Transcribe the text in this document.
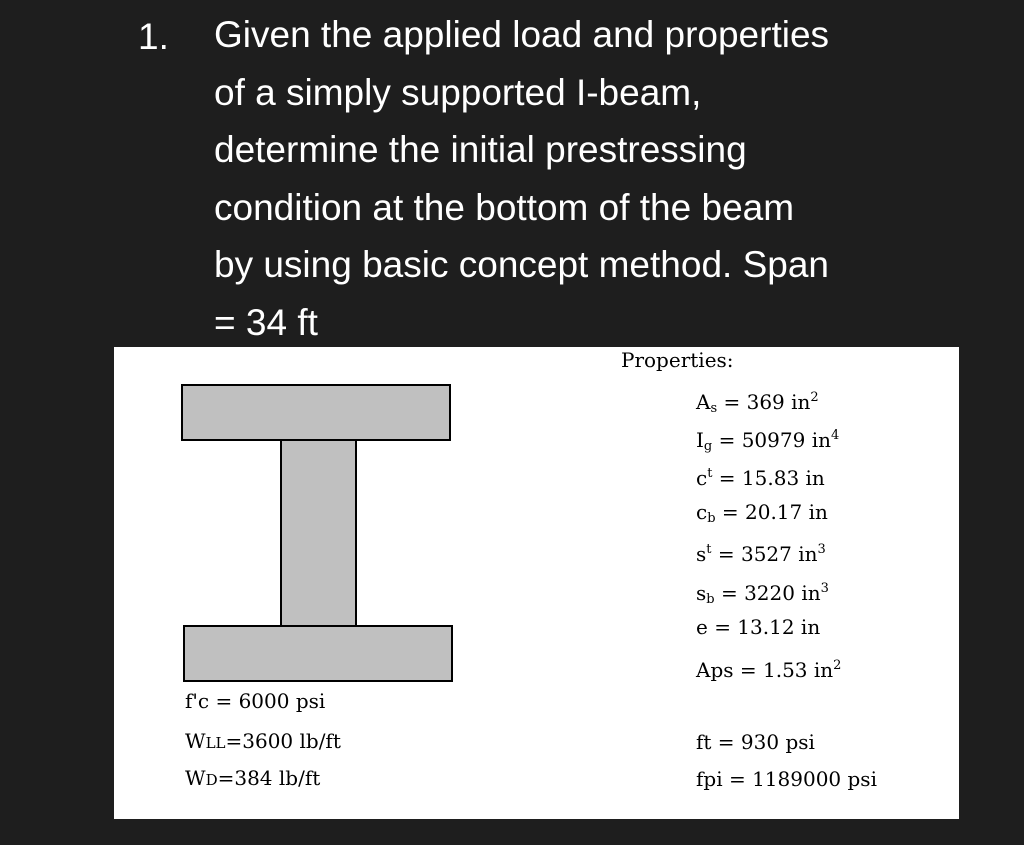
1. Given the applied load and properties
of a simply supported I-beam,
determine the initial prestressing
condition at the bottom of the beam
by using basic concept method. Span
= 34 ft
Properties:
$A_s = 369$ $in^2$
$I_g = 50979$ $in^4$
$c^t = 15.83$ in
$c_b = 20.17$ in
$s^t = 3527$ $in^3$
$s_b = 3220$ $in^3$
e = 13.12 in
Aps = 1.53 $in^2$
ft = 930 psi
fpi = 1189000 psi
f'c = 6000 psi
WLL=3600 lb/ft
WD=384 lb/ft
